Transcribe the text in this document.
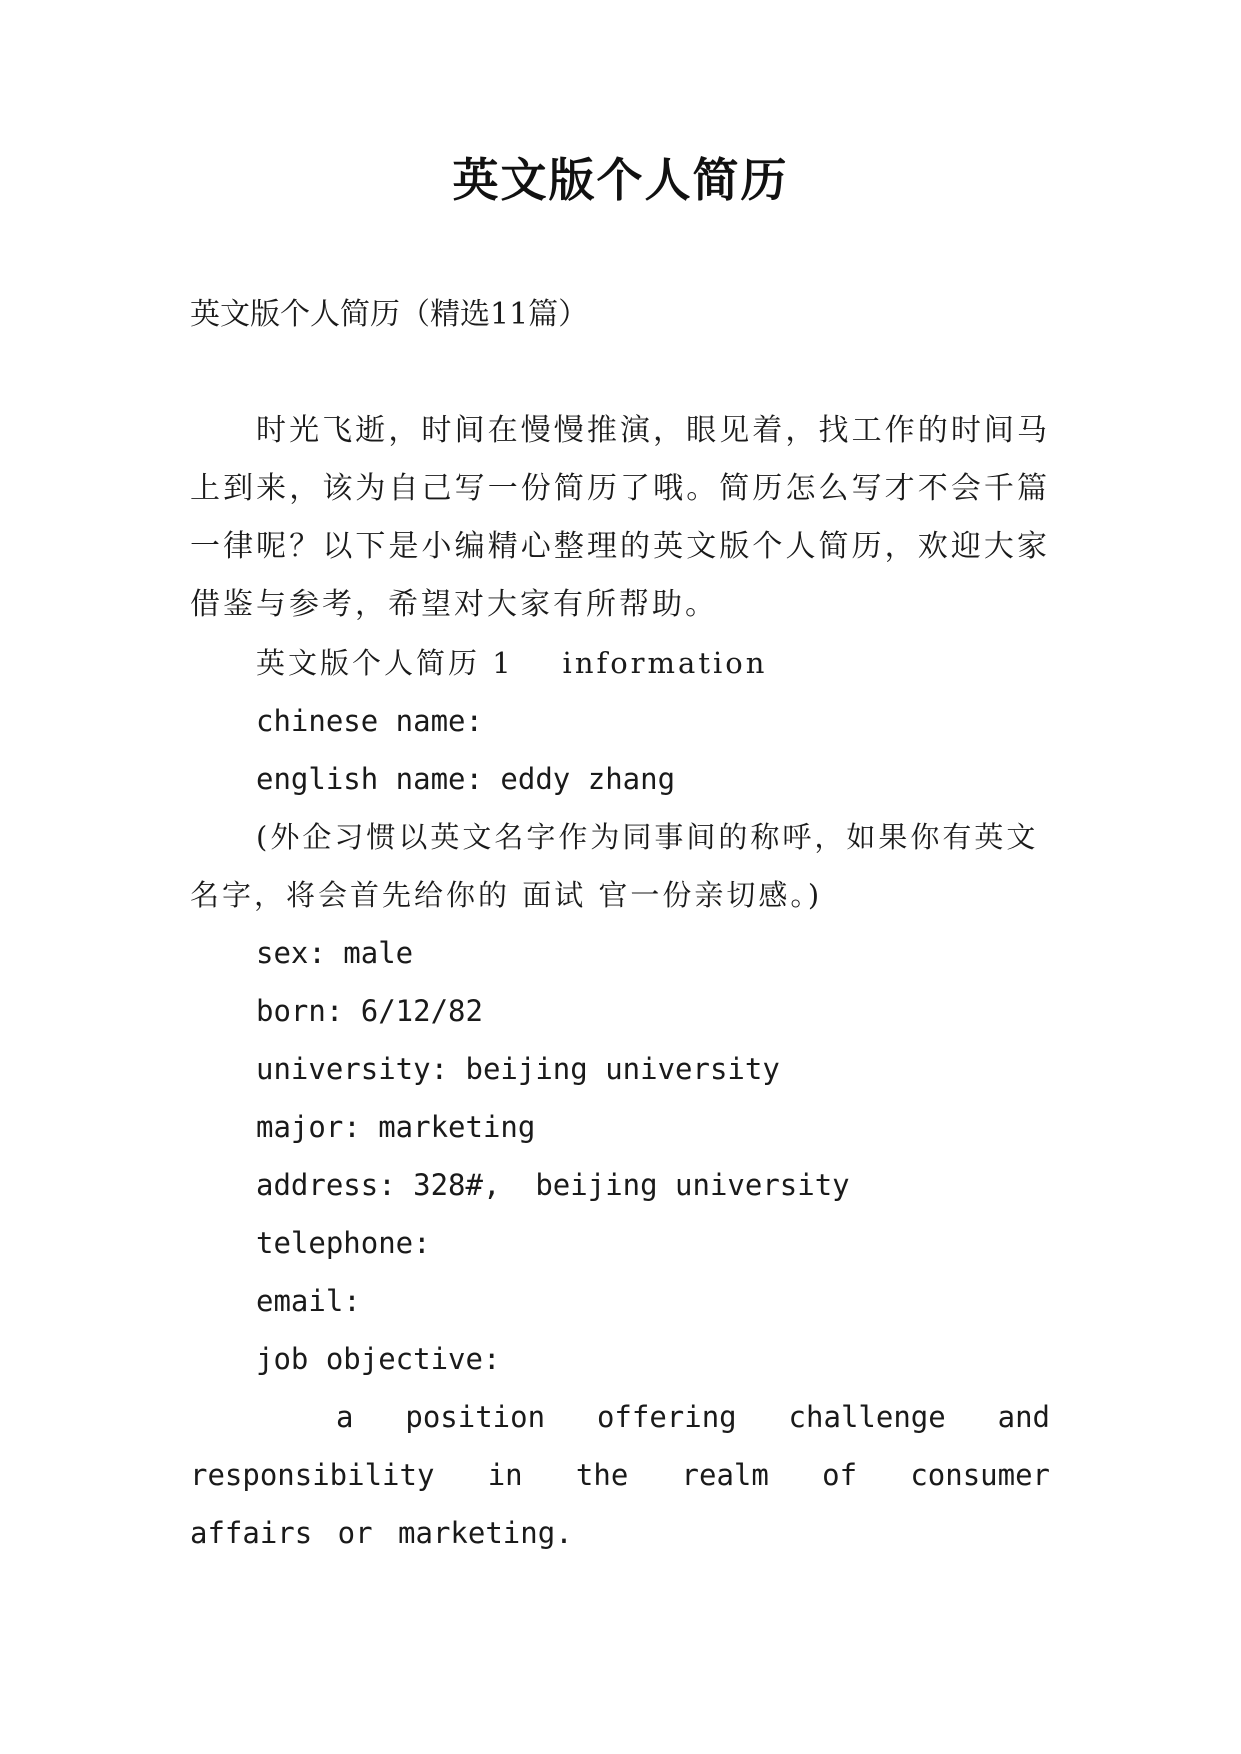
英文版个人简历
英文版个人简历（精选11篇）
时光飞逝，时间在慢慢推演，眼见着，找工作的时间马上到来，该为自己写一份简历了哦。简历怎么写才不会千篇一律呢？以下是小编精心整理的英文版个人简历，欢迎大家借鉴与参考，希望对大家有所帮助。
英文版个人简历 1    information
chinese name:
english name: eddy zhang
(外企习惯以英文名字作为同事间的称呼，如果你有英文名字，将会首先给你的 面试 官一份亲切感。)
sex: male
born: 6/12/82
university: beijing university
major: marketing
address: 328#,  beijing university
telephone:
email:
job objective:
a position offering challenge and
responsibility in the realm of consumer affairs or marketing.
